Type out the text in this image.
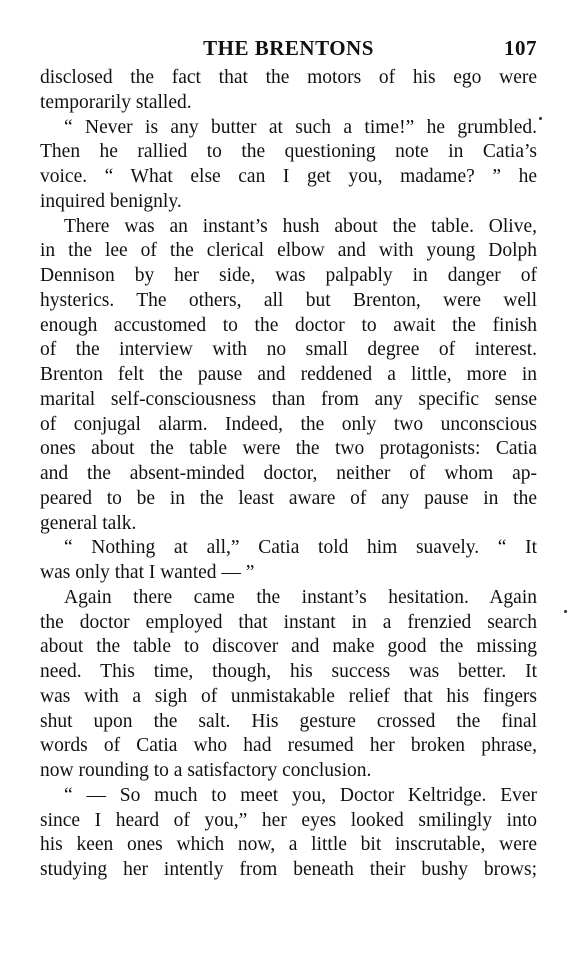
THE BRENTONS	107
disclosed the fact that the motors of his ego were
temporarily stalled.
“ Never is any butter at such a time!” he grumbled.
Then he rallied to the questioning note in Catia’s
voice. “ What else can I get you, madame? ” he
inquired benignly.
There was an instant’s hush about the table. Olive,
in the lee of the clerical elbow and with young Dolph
Dennison by her side, was palpably in danger of
hysterics. The others, all but Brenton, were well
enough accustomed to the doctor to await the finish
of the interview with no small degree of interest.
Brenton felt the pause and reddened a little, more in
marital self-consciousness than from any specific sense
of conjugal alarm. Indeed, the only two unconscious
ones about the table were the two protagonists: Catia
and the absent-minded doctor, neither of whom ap-
peared to be in the least aware of any pause in the
general talk.
“ Nothing at all,” Catia told him suavely. “ It
was only that I wanted — ”
Again there came the instant’s hesitation. Again
the doctor employed that instant in a frenzied search
about the table to discover and make good the missing
need. This time, though, his success was better. It
was with a sigh of unmistakable relief that his fingers
shut upon the salt. His gesture crossed the final
words of Catia who had resumed her broken phrase,
now rounding to a satisfactory conclusion.
“ — So much to meet you, Doctor Keltridge. Ever
since I heard of you,” her eyes looked smilingly into
his keen ones which now, a little bit inscrutable, were
studying her intently from beneath their bushy brows;
